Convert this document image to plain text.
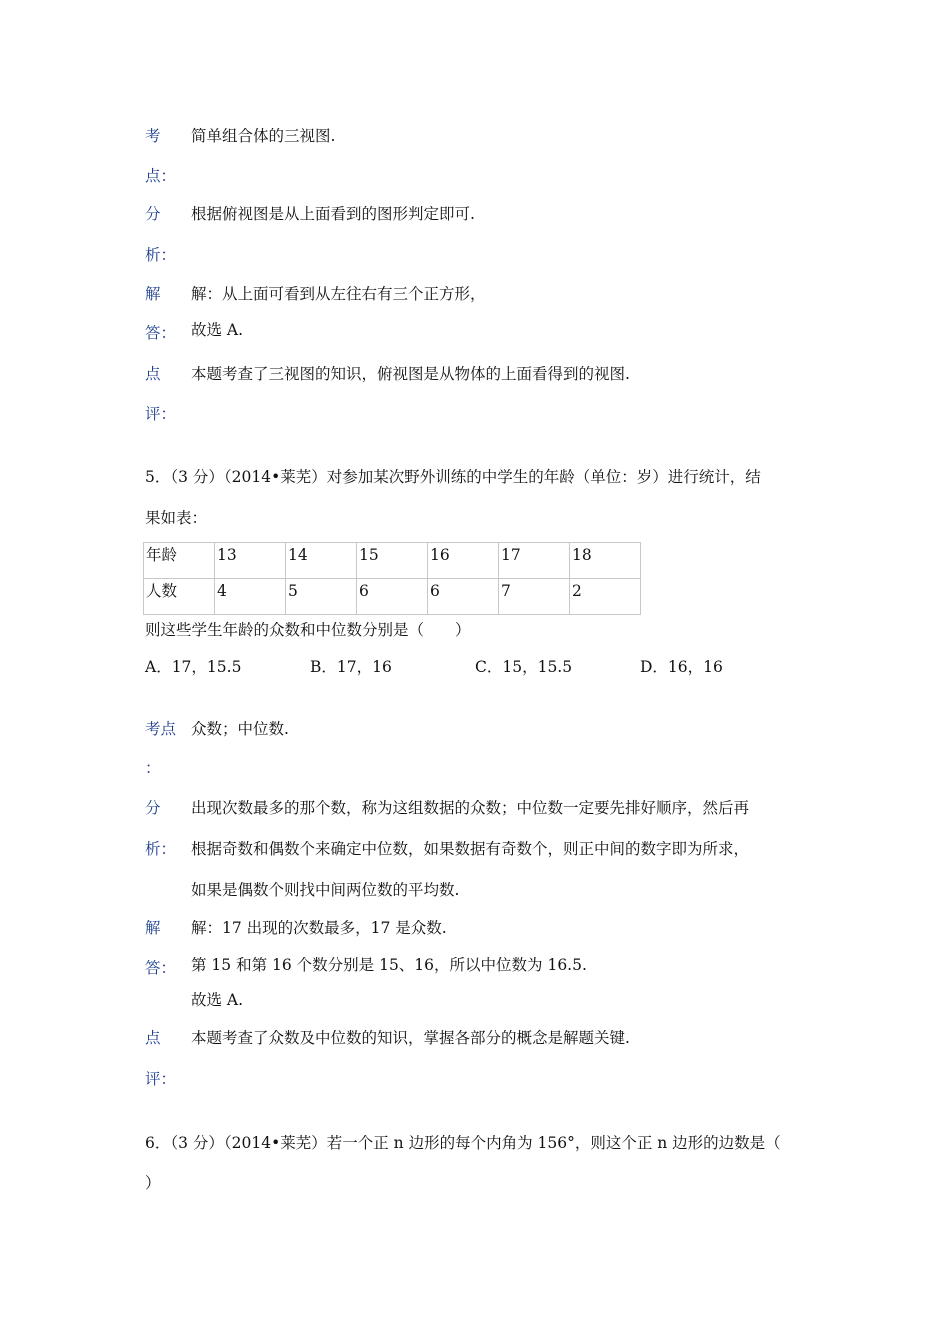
考 简单组合体的三视图.
点：
分 根据俯视图是从上面看到的图形判定即可.
析：
解 解：从上面可看到从左往右有三个正方形，
答： 故选 A.
点 本题考查了三视图的知识，俯视图是从物体的上面看得到的视图.
评：
5．（3 分）（2014•莱芜）对参加某次野外训练的中学生的年龄（单位：岁）进行统计，结
果如表：
年龄	13	14	15	16	17	18
人数	4	5	6	6	7	2
则这些学生年龄的众数和中位数分别是（　　）
A．17，15.5	B．17，16	C．15，15.5	D．16，16
考点 众数；中位数.
：
分 出现次数最多的那个数，称为这组数据的众数；中位数一定要先排好顺序，然后再
析： 根据奇数和偶数个来确定中位数，如果数据有奇数个，则正中间的数字即为所求，
如果是偶数个则找中间两位数的平均数.
解 解：17 出现的次数最多，17 是众数.
答： 第 15 和第 16 个数分别是 15、16，所以中位数为 16.5.
故选 A.
点 本题考查了众数及中位数的知识，掌握各部分的概念是解题关键.
评：
6．（3 分）（2014•莱芜）若一个正 n 边形的每个内角为 156°，则这个正 n 边形的边数是（
）
